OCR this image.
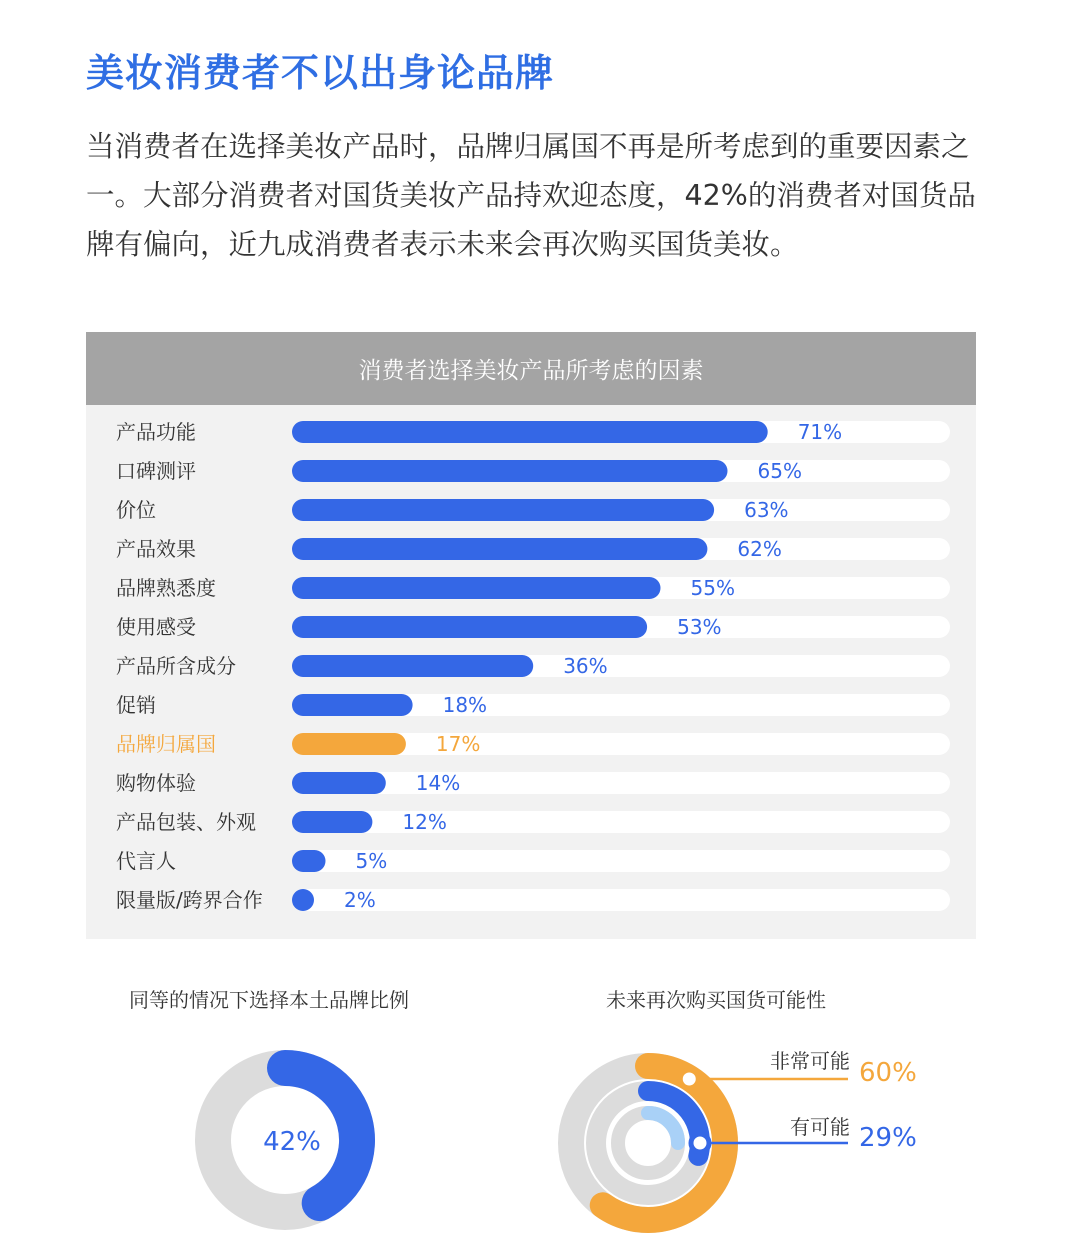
美妆消费者不以出身论品牌
当消费者在选择美妆产品时，品牌归属国不再是所考虑到的重要因素之一。大部分消费者对国货美妆产品持欢迎态度，42%的消费者对国货品牌有偏向，近九成消费者表示未来会再次购买国货美妆。
消费者选择美妆产品所考虑的因素
产品功能	71%
口碑测评	65%
价位	63%
产品效果	62%
品牌熟悉度	55%
使用感受	53%
产品所含成分	36%
促销	18%
品牌归属国	17%
购物体验	14%
产品包装、外观	12%
代言人	5%
限量版/跨界合作	2%
同等的情况下选择本土品牌比例	未来再次购买国货可能性
42%
非常可能 60%
有可能 29%
